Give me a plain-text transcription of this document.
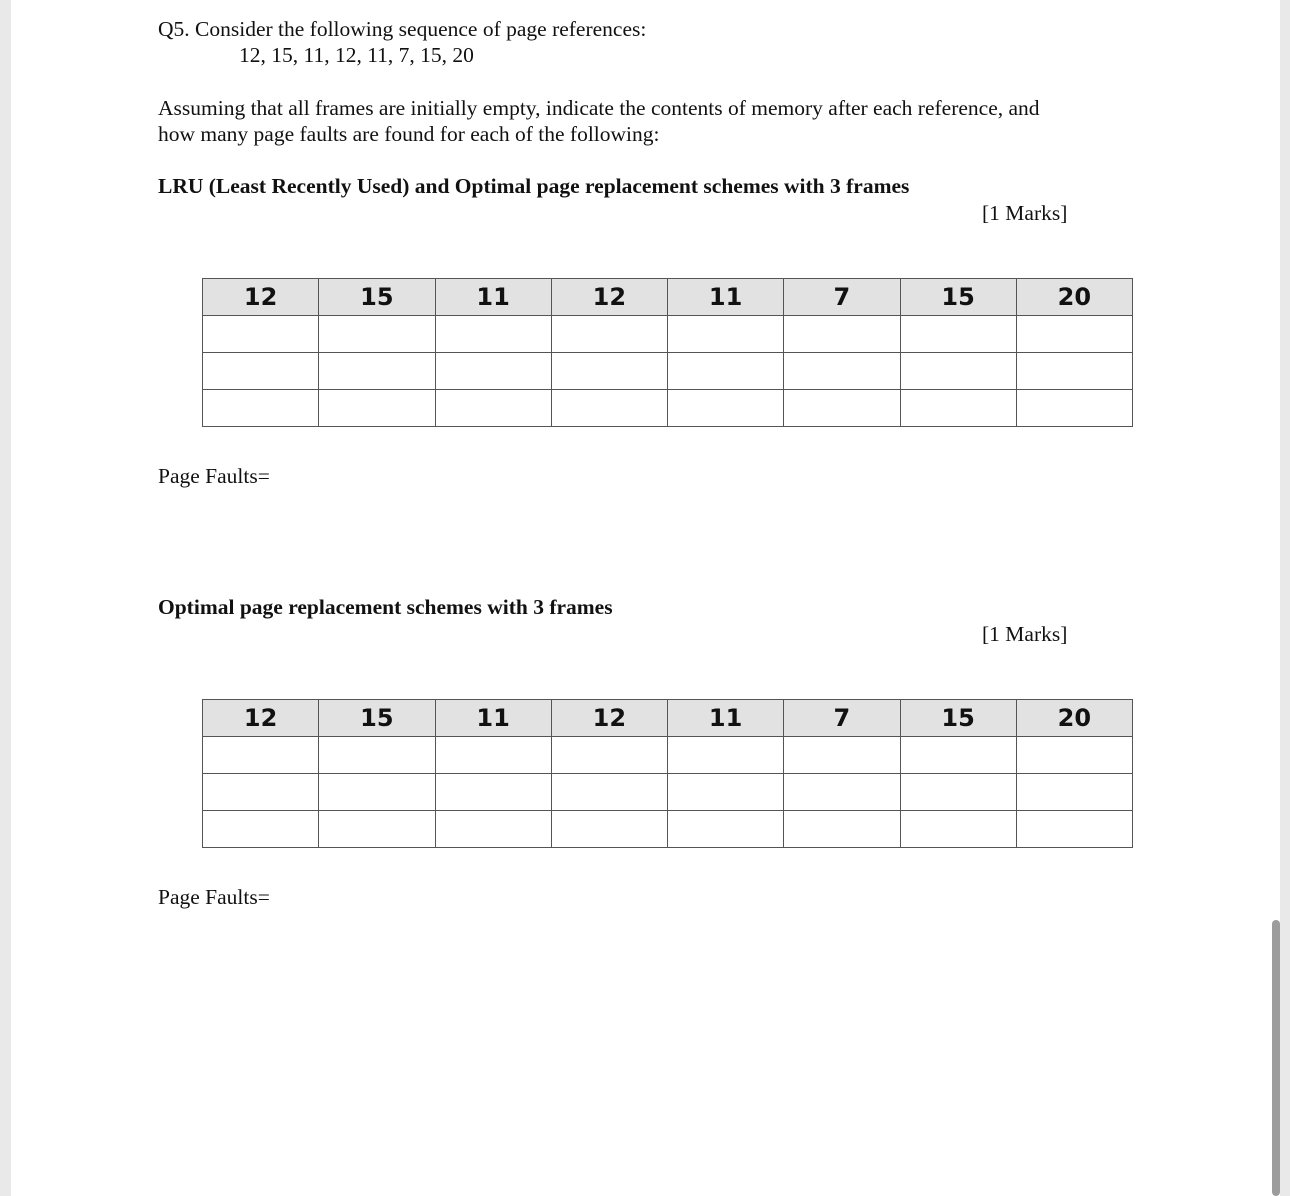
Q5. Consider the following sequence of page references:
12, 15, 11, 12, 11, 7, 15, 20
Assuming that all frames are initially empty, indicate the contents of memory after each reference, and
how many page faults are found for each of the following:
LRU (Least Recently Used) and Optimal page replacement schemes with 3 frames
[1 Marks]
12	15	11	12	11	7	15	20

Page Faults=
Optimal page replacement schemes with 3 frames
[1 Marks]
12	15	11	12	11	7	15	20

Page Faults=
